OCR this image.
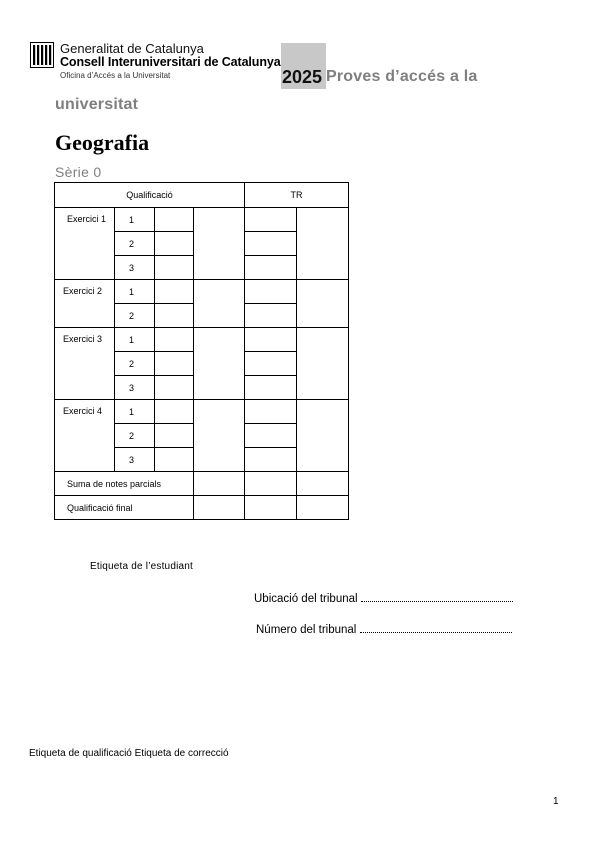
Generalitat de Catalunya
Consell Interuniversitari de Catalunya
Oficina d’Accés a la Universitat	2025 Proves d’accés a la
universitat
Geografia
Sèrie 0
Qualificació				TR	
Exercici 1	1				
	2				
	3				
Exercici 2	1				
	2				
Exercici 3	1				
	2				
	3				
Exercici 4	1				
	2				
	3				
Suma de notes parcials					
Qualificació final					
Etiqueta de l’estudiant
Ubicació del tribunal
Número del tribunal
Etiqueta de qualificació Etiqueta de correcció
1
